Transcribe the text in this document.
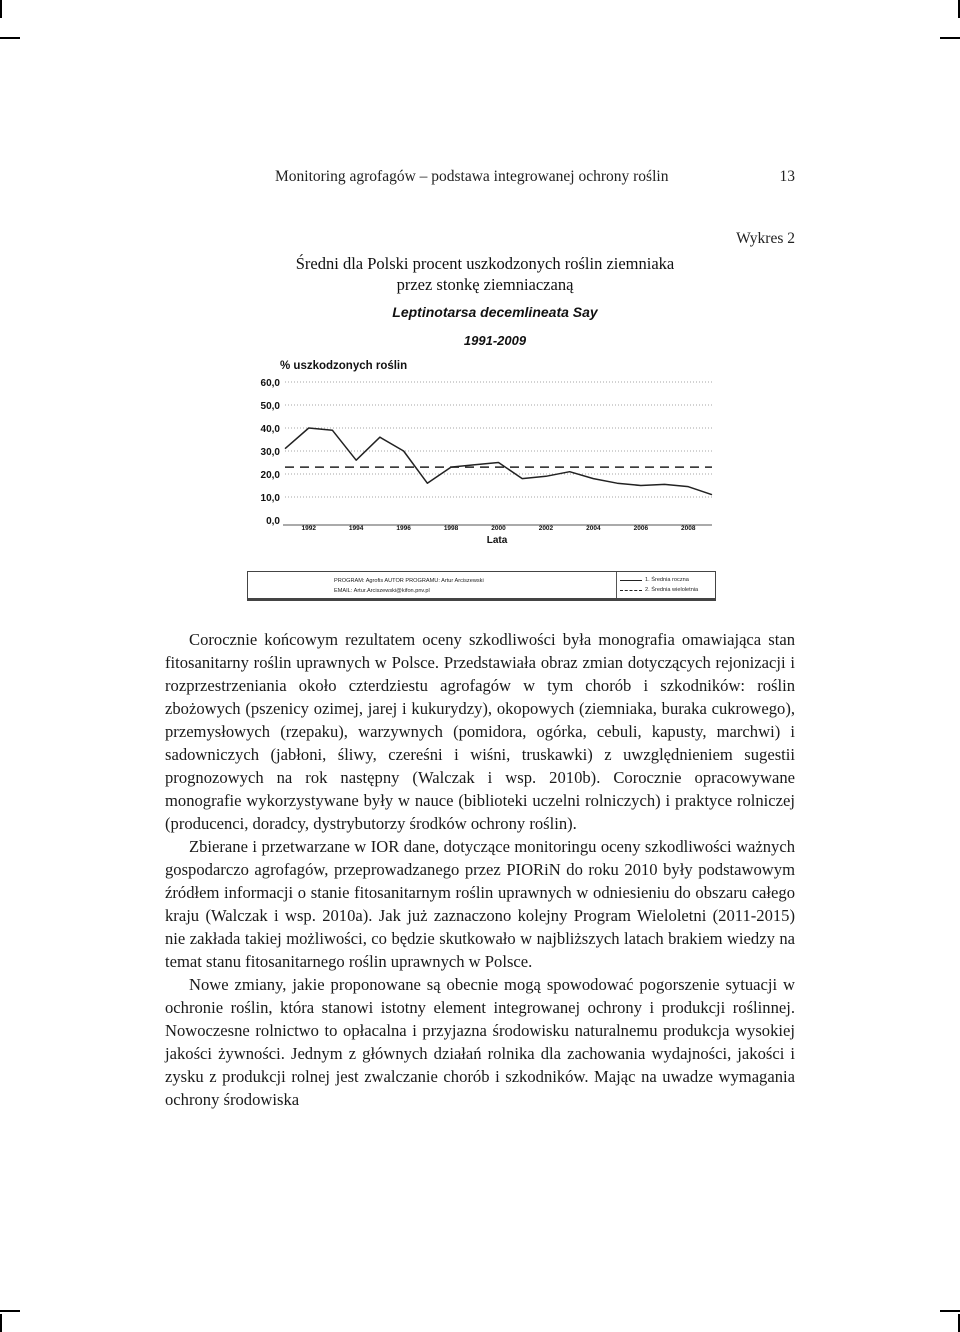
Monitoring agrofagów – podstawa integrowanej ochrony roślin	13
Wykres 2
Średni dla Polski procent uszkodzonych roślin ziemniaka
przez stonkę ziemniaczaną
Leptinotarsa decemlineata Say
1991-2009
% uszkodzonych roślin
0,0
10,0
20,0
30,0
40,0
50,0
60,0
1992	1994	1996	1998	2000	2002	2004	2006	2008
Lata
PROGRAM: Agrofis AUTOR PROGRAMU: Artur Arciszewski
EMAIL: Artur.Arciszewski@kifon.pnv.pl
1. Średnia roczna
2. Średnia wieloletnia

Corocznie końcowym rezultatem oceny szkodliwości była monografia omawiająca stan fitosanitarny roślin uprawnych w Polsce. Przedstawiała obraz zmian dotyczących rejonizacji i rozprzestrzeniania około czterdziestu agrofagów w tym chorób i szkodników: roślin zbożowych (pszenicy ozimej, jarej i kukurydzy), okopowych (ziemniaka, buraka cukrowego), przemysłowych (rzepaku), warzywnych (pomidora, ogórka, cebuli, kapusty, marchwi) i sadowniczych (jabłoni, śliwy, czereśni i wiśni, truskawki) z uwzględnieniem sugestii prognozowych na rok następny (Walczak i wsp. 2010b). Corocznie opracowywane monografie wykorzystywane były w nauce (biblioteki uczelni rolniczych) i praktyce rolniczej (producenci, doradcy, dystrybutorzy środków ochrony roślin).

Zbierane i przetwarzane w IOR dane, dotyczące monitoringu oceny szkodliwości ważnych gospodarczo agrofagów, przeprowadzanego przez PIORiN do roku 2010 były podstawowym źródłem informacji o stanie fitosanitarnym roślin uprawnych w odniesieniu do obszaru całego kraju (Walczak i wsp. 2010a). Jak już zaznaczono kolejny Program Wieloletni (2011-2015) nie zakłada takiej możliwości, co będzie skutkowało w najbliższych latach brakiem wiedzy na temat stanu fitosanitarnego roślin uprawnych w Polsce.

Nowe zmiany, jakie proponowane są obecnie mogą spowodować pogorszenie sytuacji w ochronie roślin, która stanowi istotny element integrowanej ochrony i produkcji roślinnej. Nowoczesne rolnictwo to opłacalna i przyjazna środowisku naturalnemu produkcja wysokiej jakości żywności. Jednym z głównych działań rolnika dla zachowania wydajności, jakości i zysku z produkcji rolnej jest zwalczanie chorób i szkodników. Mając na uwadze wymagania ochrony środowiska
